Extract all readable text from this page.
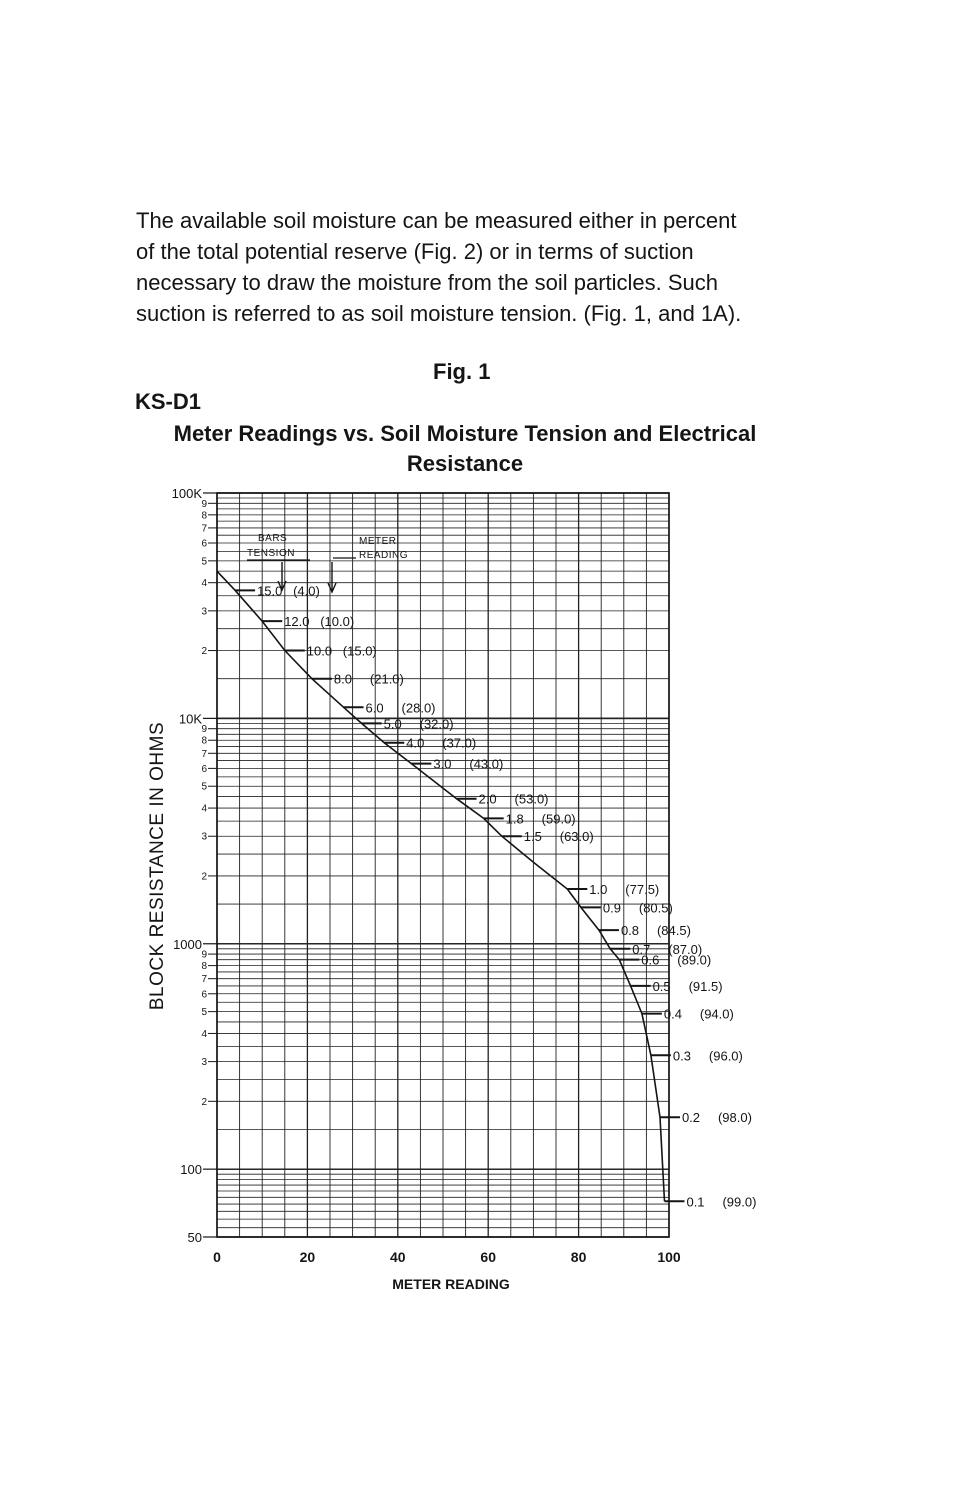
The available soil moisture can be measured either in percent
of the total potential reserve (Fig. 2) or in terms of suction
necessary to draw the moisture from the soil particles. Such
suction is referred to as soil moisture tension. (Fig. 1, and 1A).
Fig. 1
KS-D1
Meter Readings vs. Soil Moisture Tension and Electrical Resistance
15.0 (4.0)
12.0 (10.0)
10.0 (15.0)
8.0 (21.0)
6.0 (28.0)
5.0 (32.0)
4.0 (37.0)
3.0 (43.0)
2.0 (53.0)
1.8 (59.0)
1.5 (63.0)
1.0 (77.5)
0.9 (80.5)
0.8 (84.5)
0.7 (87.0)
0.6 (89.0)
0.5 (91.5)
0.4 (94.0)
0.3 (96.0)
0.2 (98.0)
0.1 (99.0)
100K
10K
1000
100
50
9
8
7
6
5
4
3
2
9
8
7
6
5
4
3
2
9
8
7
6
5
4
3
2
0	20	40	60	80	100
BARS
TENSION
METER
READING
METER READING
BLOCK RESISTANCE IN OHMS
